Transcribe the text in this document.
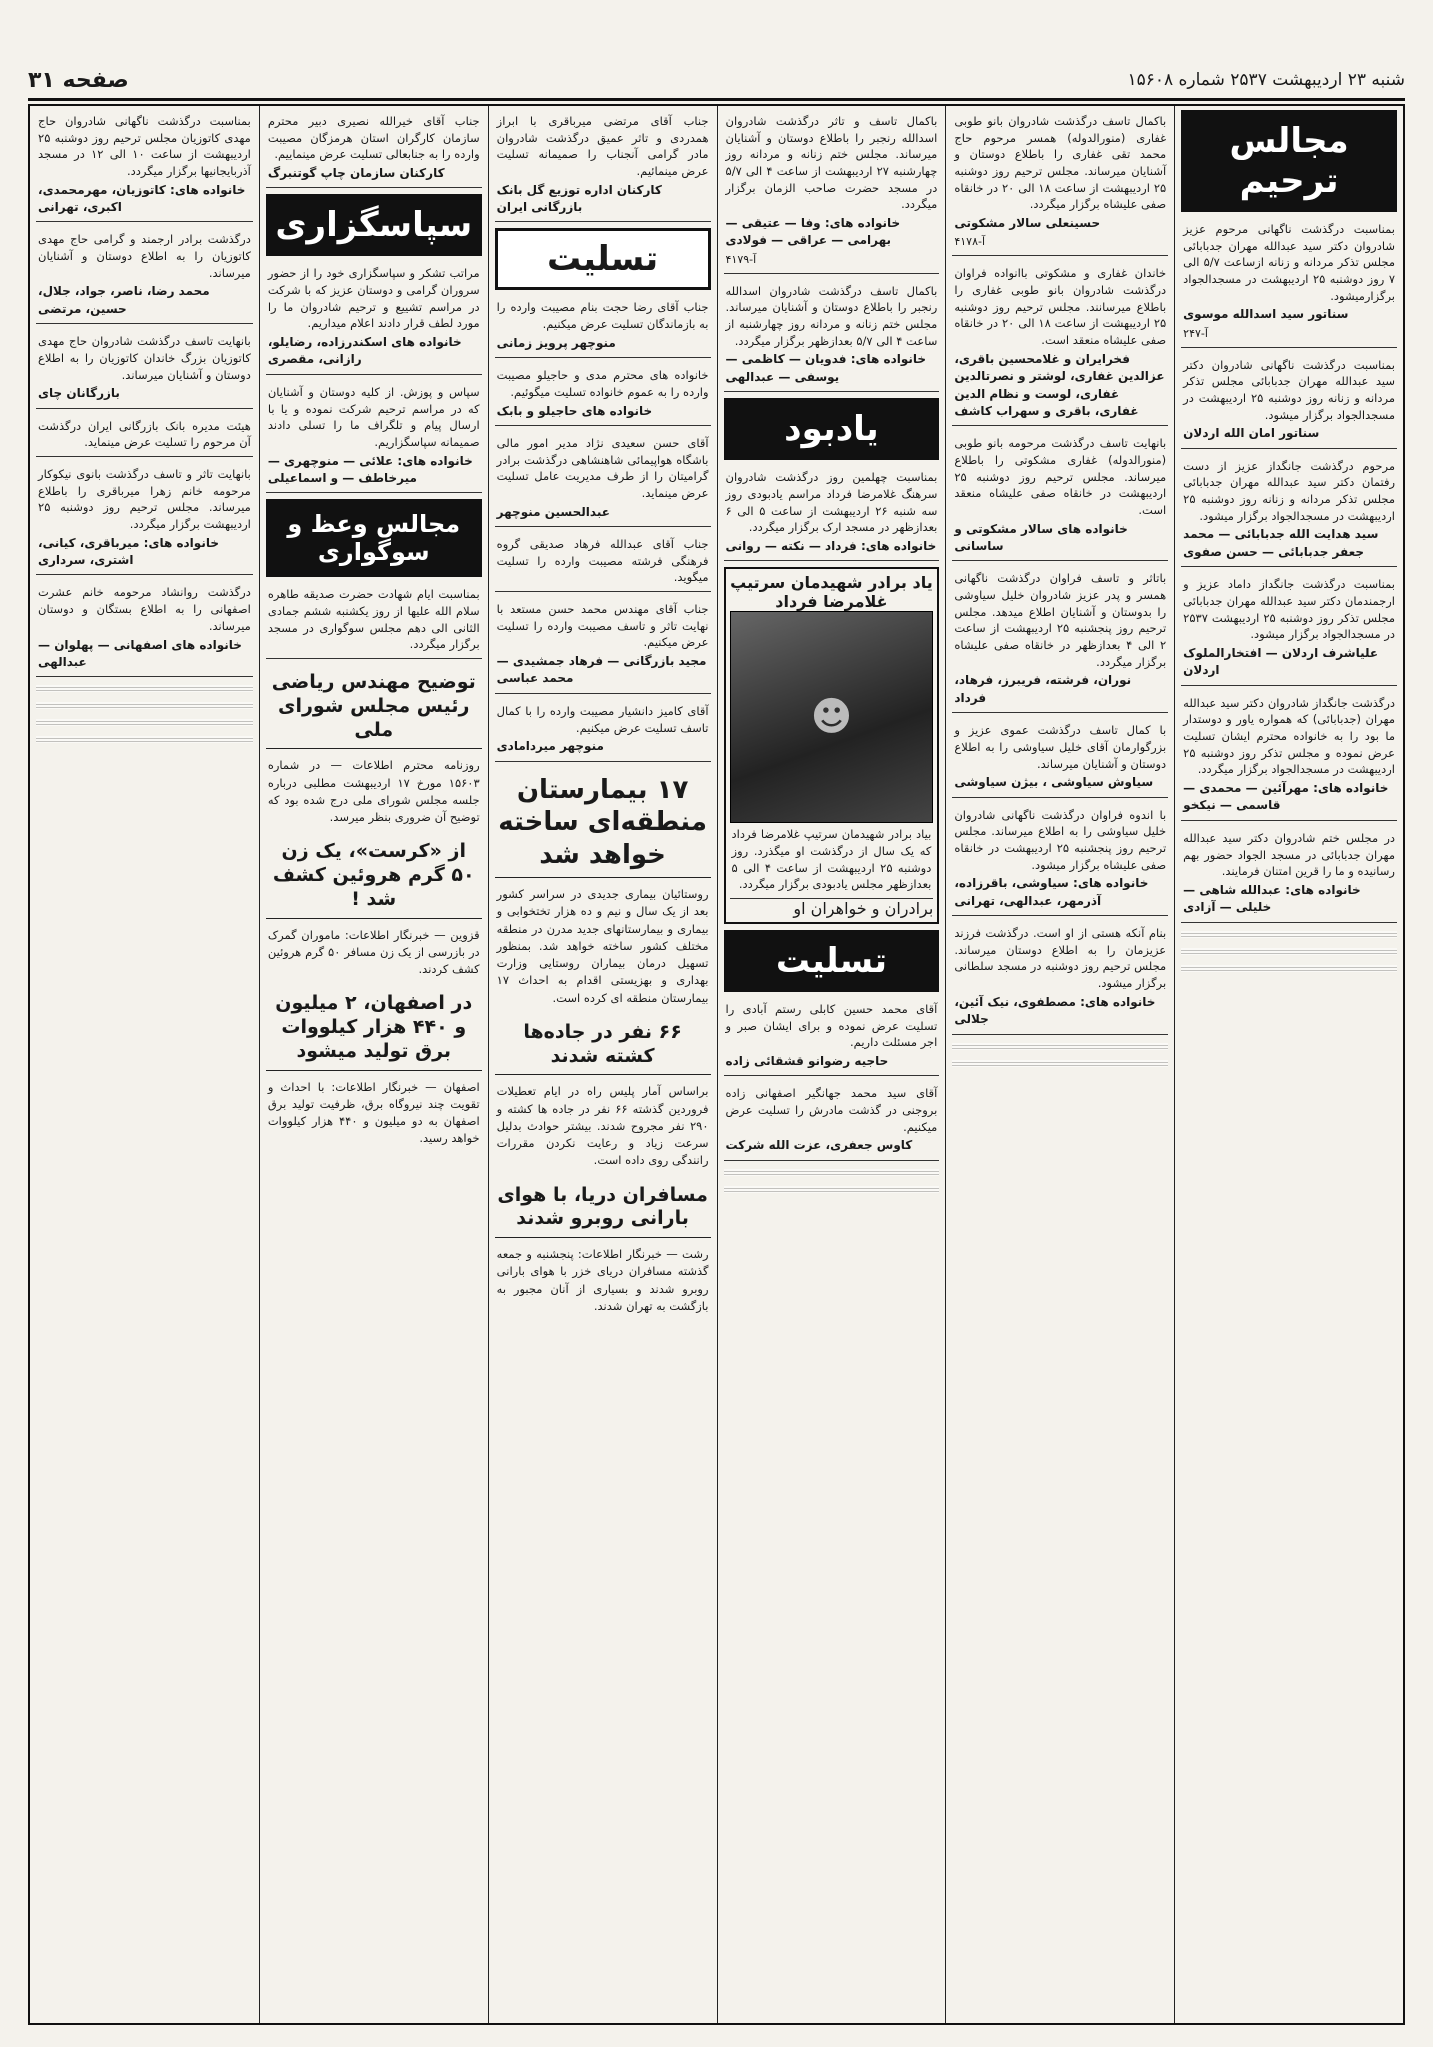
شنبه ۲۳ اردیبهشت ۲۵۳۷ شماره ۱۵۶۰۸
صفحه ۳۱
مجالس ترحیم
بمناسبت درگذشت ناگهانی مرحوم عزیز شادروان دکتر سید عبدالله مهران جدبابائی مجلس تذکر مردانه و زنانه ازساعت ۵/۷ الی ۷ روز دوشنبه ۲۵ اردیبهشت در مسجدالجواد برگزارمیشود.
سناتور سید اسدالله موسوی
آ-۲۴۷
بمناسبت درگذشت ناگهانی شادروان دکتر سید عبدالله مهران جدبابائی مجلس تذکر مردانه و زنانه روز دوشنبه ۲۵ اردیبهشت در مسجدالجواد برگزار میشود.
سناتور امان الله اردلان
مرحوم درگذشت جانگداز عزیز از دست رفتمان دکتر سید عبدالله مهران جدبابائی مجلس تذکر مردانه و زنانه روز دوشنبه ۲۵ اردیبهشت در مسجدالجواد برگزار میشود.
سید هدایت الله جدبابائی — محمد جعفر جدبابائی — حسن صفوی
بمناسبت درگذشت جانگداز داماد عزیز و ارجمندمان دکتر سید عبدالله مهران جدبابائی مجلس تذکر روز دوشنبه ۲۵ اردیبهشت ۲۵۳۷ در مسجدالجواد برگزار میشود.
علیاشرف اردلان — افتخارالملوک اردلان
درگذشت جانگداز شادروان دکتر سید عبدالله مهران (جدبابائی) که همواره یاور و دوستدار ما بود را به خانواده محترم ایشان تسلیت عرض نموده و مجلس تذکر روز دوشنبه ۲۵ اردیبهشت در مسجدالجواد برگزار میگردد.
خانواده های: مهرآئین — محمدی — قاسمی — نیکخو
در مجلس ختم شادروان دکتر سید عبدالله مهران جدبابائی در مسجد الجواد حضور بهم رسانیده و ما را قرین امتنان فرمایند.
خانواده های: عبدالله شاهی — خلیلی — آزادی
باکمال تاسف درگذشت شادروان بانو طوبی غفاری (منورالدوله) همسر مرحوم حاج محمد تقی غفاری را باطلاع دوستان و آشنایان میرساند. مجلس ترحیم روز دوشنبه ۲۵ اردیبهشت از ساعت ۱۸ الی ۲۰ در خانقاه صفی علیشاه برگزار میگردد.
حسینعلی سالار مشکوتی
آ-۴۱۷۸
خاندان غفاری و مشکوتی باانواده فراوان درگذشت شادروان بانو طوبی غفاری را باطلاع میرسانند. مجلس ترحیم روز دوشنبه ۲۵ اردیبهشت از ساعت ۱۸ الی ۲۰ در خانقاه صفی علیشاه منعقد است.
فخرایران و غلامحسین باقری، عزالدین غفاری، لوشتر و نصرتالدین غفاری، لوست و نظام الدین غفاری، باقری و سهراب کاشف
بانهایت تاسف درگذشت مرحومه بانو طوبی (منورالدوله) غفاری مشکوتی را باطلاع میرساند. مجلس ترحیم روز دوشنبه ۲۵ اردیبهشت در خانقاه صفی علیشاه منعقد است.
خانواده های سالار مشکوتی و ساسانی
باتاثر و تاسف فراوان درگذشت ناگهانی همسر و پدر عزیز شادروان خلیل سیاوشی را بدوستان و آشنایان اطلاع میدهد. مجلس ترحیم روز پنجشنبه ۲۵ اردیبهشت از ساعت ۲ الی ۴ بعدازظهر در خانقاه صفی علیشاه برگزار میگردد.
نوران، فرشته، فریبرز، فرهاد، فرداد
با کمال تاسف درگذشت عموی عزیز و بزرگوارمان آقای خلیل سیاوشی را به اطلاع دوستان و آشنایان میرساند.
سیاوش سیاوشی ، بیژن سیاوشی
با اندوه فراوان درگذشت ناگهانی شادروان خلیل سیاوشی را به اطلاع میرساند. مجلس ترحیم روز پنجشنبه ۲۵ اردیبهشت در خانقاه صفی علیشاه برگزار میشود.
خانواده های: سیاوشی، باقرزاده، آذرمهر، عبدالهی، تهرانی
بنام آنکه هستی از او است. درگذشت فرزند عزیزمان را به اطلاع دوستان میرساند. مجلس ترحیم روز دوشنبه در مسجد سلطانی برگزار میشود.
خانواده های: مصطفوی، نیک آئین، جلالی
باکمال تاسف و تاثر درگذشت شادروان اسدالله رنجبر را باطلاع دوستان و آشنایان میرساند. مجلس ختم زنانه و مردانه روز چهارشنبه ۲۷ اردیبهشت از ساعت ۴ الی ۵/۷ در مسجد حضرت صاحب الزمان برگزار میگردد.
خانواده های: وفا — عتیقی — بهرامی — عراقی — فولادی
آ-۴۱۷۹
باکمال تاسف درگذشت شادروان اسدالله رنجبر را باطلاع دوستان و آشنایان میرساند. مجلس ختم زنانه و مردانه روز چهارشنبه از ساعت ۴ الی ۵/۷ بعدازظهر برگزار میگردد.
خانواده های: فدویان — کاظمی — یوسفی — عبدالهی
یادبود
بمناسبت چهلمین روز درگذشت شادروان سرهنگ غلامرضا فرداد مراسم یادبودی روز سه شنبه ۲۶ اردیبهشت از ساعت ۵ الی ۶ بعدازظهر در مسجد ارک برگزار میگردد.
خانواده های: فرداد — نکته — روانی
یاد برادر شهیدمان سرتیپ غلامرضا فرداد
☻
بیاد برادر شهیدمان سرتیپ غلامرضا فرداد که یک سال از درگذشت او میگذرد. روز دوشنبه ۲۵ اردیبهشت از ساعت ۴ الی ۵ بعدازظهر مجلس یادبودی برگزار میگردد.
برادران و خواهران او
تسلیت
آقای محمد حسین کابلی رستم آبادی را تسلیت عرض نموده و برای ایشان صبر و اجر مسئلت داریم.
حاجیه رضوانو قشقائی زاده
آقای سید محمد جهانگیر اصفهانی زاده بروجنی در گذشت مادرش را تسلیت عرض میکنیم.
کاوس جعفری، عزت الله شرکت
جناب آقای مرتضی میرباقری با ابراز همدردی و تاثر عمیق درگذشت شادروان مادر گرامی آنجناب را صمیمانه تسلیت عرض مینمائیم.
کارکنان اداره توزیع گل بانک بازرگانی ایران
تسلیت
جناب آقای رضا حجت بنام مصیبت وارده را به بازماندگان تسلیت عرض میکنیم.
منوچهر پرویز زمانی
خانواده های محترم مدی و حاجیلو مصیبت وارده را به عموم خانواده تسلیت میگوئیم.
خانواده های حاجیلو و بابک
آقای حسن سعیدی نژاد مدیر امور مالی باشگاه هواپیمائی شاهنشاهی درگذشت برادر گرامیتان را از طرف مدیریت عامل تسلیت عرض مینماید.
عبدالحسین منوچهر
جناب آقای عبدالله فرهاد صدیقی گروه فرهنگی فرشته مصیبت وارده را تسلیت میگوید.
جناب آقای مهندس محمد حسن مستعد با نهایت تاثر و تاسف مصیبت وارده را تسلیت عرض میکنیم.
مجید بازرگانی — فرهاد جمشیدی — محمد عباسی
آقای کامیز دانشیار مصیبت وارده را با کمال تاسف تسلیت عرض میکنیم.
منوچهر میردامادی
۱۷ بیمارستان منطقه‌ای ساخته خواهد شد
روستائیان بیماری جدیدی در سراسر کشور بعد از یک سال و نیم و ده هزار تختخوابی و بیماری و بیمارستانهای جدید مدرن در منطقه مختلف کشور ساخته خواهد شد. بمنظور تسهیل درمان بیماران روستایی وزارت بهداری و بهزیستی اقدام به احداث ۱۷ بیمارستان منطقه ای کرده است.
۶۶ نفر در جاده‌ها کشته شدند
براساس آمار پلیس راه در ایام تعطیلات فروردین گذشته ۶۶ نفر در جاده ها کشته و ۲۹۰ نفر مجروح شدند. بیشتر حوادث بدلیل سرعت زیاد و رعایت نکردن مقررات رانندگی روی داده است.
مسافران دریا، با هوای بارانی روبرو شدند
رشت — خبرنگار اطلاعات: پنجشنبه و جمعه گذشته مسافران دریای خزر با هوای بارانی روبرو شدند و بسیاری از آنان مجبور به بازگشت به تهران شدند.
جناب آقای خیرالله نصیری دبیر محترم سازمان کارگران استان هرمزگان مصیبت وارده را به جنابعالی تسلیت عرض مینماییم.
کارکنان سازمان چاپ گوتنبرگ
سپاسگزاری
مراتب تشکر و سپاسگزاری خود را از حضور سروران گرامی و دوستان عزیز که با شرکت در مراسم تشییع و ترحیم شادروان ما را مورد لطف قرار دادند اعلام میداریم.
خانواده های اسکندرزاده، رضایلو، رازانی، مقصری
سپاس و پوزش. از کلیه دوستان و آشنایان که در مراسم ترحیم شرکت نموده و یا با ارسال پیام و تلگراف ما را تسلی دادند صمیمانه سپاسگزاریم.
خانواده های: علائی — منوچهری — میرخاطف — و اسماعیلی
مجالس وعظ و سوگواری
بمناسبت ایام شهادت حضرت صدیقه طاهره سلام الله علیها از روز یکشنبه ششم جمادی الثانی الی دهم مجلس سوگواری در مسجد برگزار میگردد.
توضیح مهندس ریاضی رئیس مجلس شورای ملی
روزنامه محترم اطلاعات — در شماره ۱۵۶۰۳ مورخ ۱۷ اردیبهشت مطلبی درباره جلسه مجلس شورای ملی درج شده بود که توضیح آن ضروری بنظر میرسد.
از «کرست»، یک زن ۵۰ گرم هروئین کشف شد !
قزوین — خبرنگار اطلاعات: ماموران گمرک در بازرسی از یک زن مسافر ۵۰ گرم هروئین کشف کردند.
در اصفهان، ۲ میلیون و ۴۴۰ هزار کیلووات برق تولید میشود
اصفهان — خبرنگار اطلاعات: با احداث و تقویت چند نیروگاه برق، ظرفیت تولید برق اصفهان به دو میلیون و ۴۴۰ هزار کیلووات خواهد رسید.
بمناسبت درگذشت ناگهانی شادروان حاج مهدی کاتوزیان مجلس ترحیم روز دوشنبه ۲۵ اردیبهشت از ساعت ۱۰ الی ۱۲ در مسجد آذربایجانیها برگزار میگردد.
خانواده های: کاتوزیان، مهرمحمدی، اکبری، تهرانی
درگذشت برادر ارجمند و گرامی حاج مهدی کاتوزیان را به اطلاع دوستان و آشنایان میرساند.
محمد رضا، ناصر، جواد، جلال، حسین، مرتضی
بانهایت تاسف درگذشت شادروان حاج مهدی کاتوزیان بزرگ خاندان کاتوزیان را به اطلاع دوستان و آشنایان میرساند.
بازرگانان چای
هیئت مدیره بانک بازرگانی ایران درگذشت آن مرحوم را تسلیت عرض مینماید.
بانهایت تاثر و تاسف درگذشت بانوی نیکوکار مرحومه خانم زهرا میرباقری را باطلاع میرساند. مجلس ترحیم روز دوشنبه ۲۵ اردیبهشت برگزار میگردد.
خانواده های: میرباقری، کیانی، اشتری، سرداری
درگذشت روانشاد مرحومه خانم عشرت اصفهانی را به اطلاع بستگان و دوستان میرساند.
خانواده های اصفهانی — پهلوان — عبدالهی
